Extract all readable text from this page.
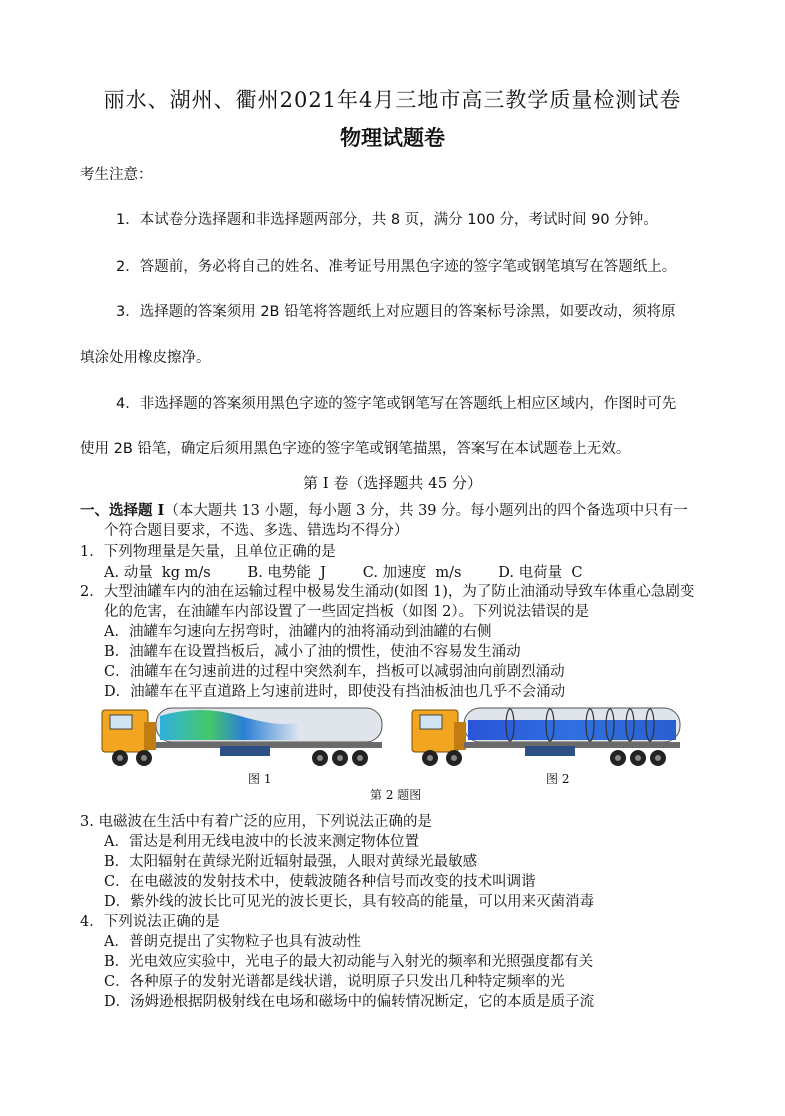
丽水、湖州、衢州2021年4月三地市高三教学质量检测试卷
物理试题卷
考生注意：
1．本试卷分选择题和非选择题两部分，共 8 页，满分 100 分，考试时间 90 分钟。
2．答题前，务必将自己的姓名、准考证号用黑色字迹的签字笔或钢笔填写在答题纸上。
3．选择题的答案须用 2B 铅笔将答题纸上对应题目的答案标号涂黑，如要改动，须将原
填涂处用橡皮擦净。
4．非选择题的答案须用黑色字迹的签字笔或钢笔写在答题纸上相应区域内，作图时可先
使用 2B 铅笔，确定后须用黑色字迹的签字笔或钢笔描黑，答案写在本试题卷上无效。
第 I 卷（选择题共 45 分）
一、选择题 I（本大题共 13 小题，每小题 3 分，共 39 分。每小题列出的四个备选项中只有一
个符合题目要求，不选、多选、错选均不得分）
1．下列物理量是矢量，且单位正确的是
A. 动量  kg m/s        B. 电势能  J        C. 加速度  m/s        D. 电荷量  C
2．大型油罐车内的油在运输过程中极易发生涌动(如图 1)，为了防止油涌动导致车体重心急剧变
化的危害，在油罐车内部设置了一些固定挡板（如图 2）。下列说法错误的是
A．油罐车匀速向左拐弯时，油罐内的油将涌动到油罐的右侧
B．油罐车在设置挡板后，减小了油的惯性，使油不容易发生涌动
C．油罐车在匀速前进的过程中突然刹车，挡板可以减弱油向前剧烈涌动
D．油罐车在平直道路上匀速前进时，即使没有挡油板油也几乎不会涌动
图 1	图 2
第 2 题图
3. 电磁波在生活中有着广泛的应用，下列说法正确的是
A．雷达是利用无线电波中的长波来测定物体位置
B．太阳辐射在黄绿光附近辐射最强，人眼对黄绿光最敏感
C．在电磁波的发射技术中，使载波随各种信号而改变的技术叫调谐
D．紫外线的波长比可见光的波长更长，具有较高的能量，可以用来灭菌消毒
4．下列说法正确的是
A．普朗克提出了实物粒子也具有波动性
B．光电效应实验中，光电子的最大初动能与入射光的频率和光照强度都有关
C．各种原子的发射光谱都是线状谱，说明原子只发出几种特定频率的光
D．汤姆逊根据阴极射线在电场和磁场中的偏转情况断定，它的本质是质子流
